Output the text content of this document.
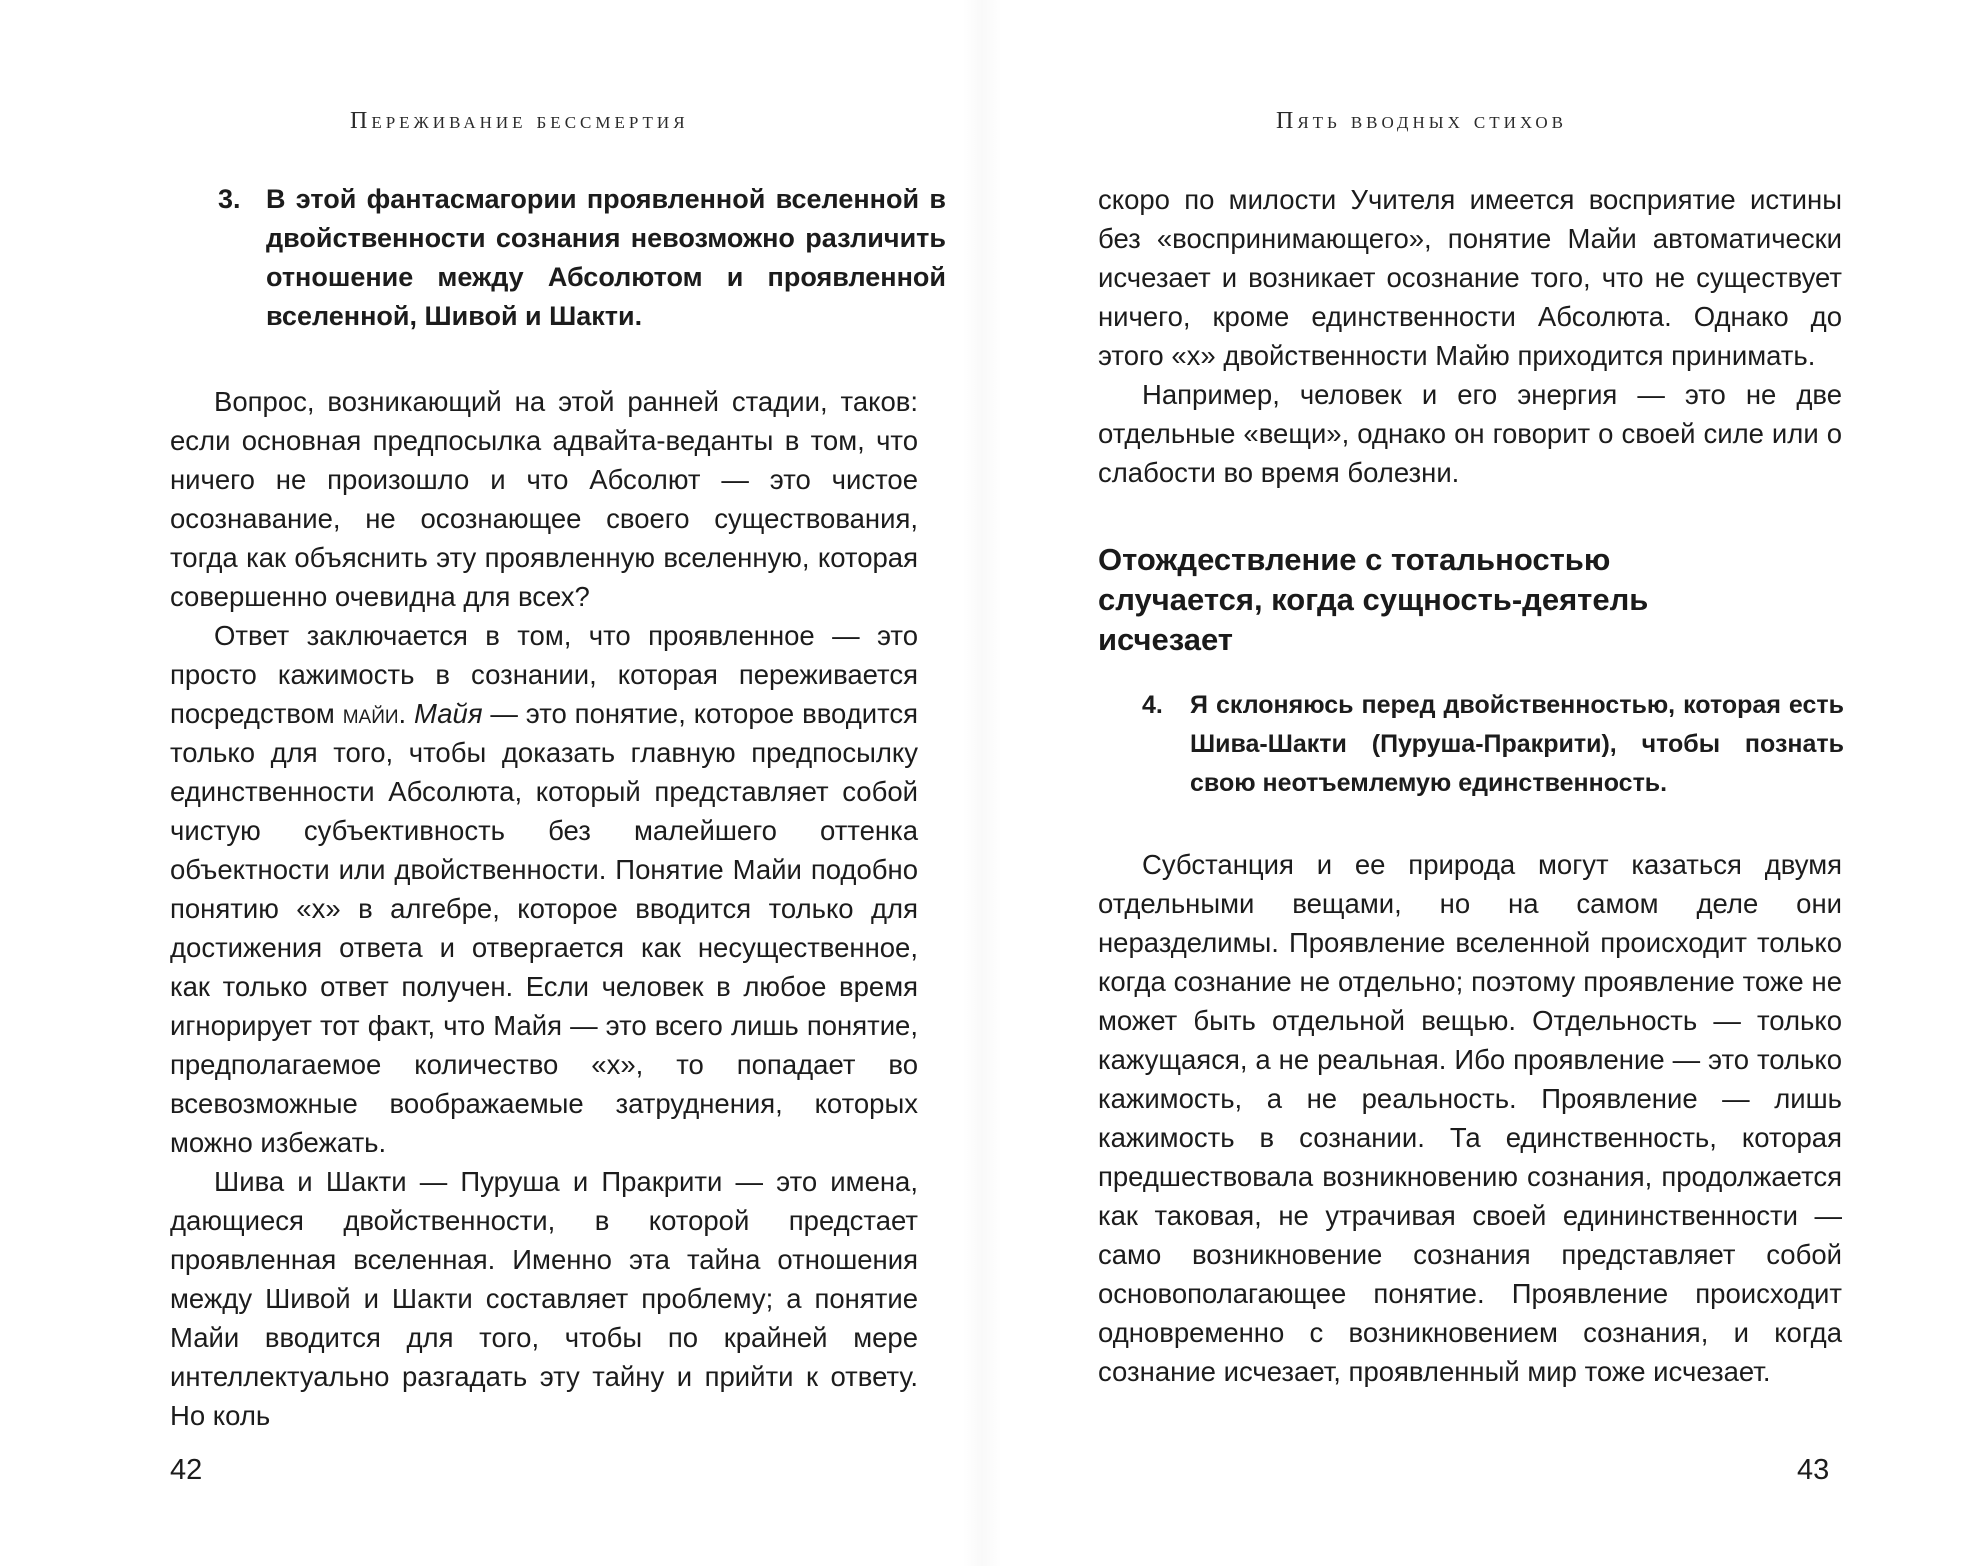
Переживание бессмертия
3. В этой фантасмагории проявленной вселенной в двойственности сознания невозможно различить отношение между Абсолютом и проявленной вселенной, Шивой и Шакти.

Вопрос, возникающий на этой ранней стадии, таков: если основная предпосылка адвайта-веданты в том, что ничего не произошло и что Абсолют — это чистое осознавание, не осознающее своего существования, тогда как объяснить эту проявленную вселенную, которая совершенно очевидна для всех?

Ответ заключается в том, что проявленное — это просто кажимость в сознании, которая переживается посредством майи. Майя — это понятие, которое вводится только для того, чтобы доказать главную предпосылку единственности Абсолюта, который представляет собой чистую субъективность без малейшего оттенка объектности или двойственности. Понятие Майи подобно понятию «х» в алгебре, которое вводится только для достижения ответа и отвергается как несущественное, как только ответ получен. Если человек в любое время игнорирует тот факт, что Майя — это всего лишь понятие, предполагаемое количество «х», то попадает во всевозможные воображаемые затруднения, которых можно избежать.

Шива и Шакти — Пуруша и Пракрити — это имена, дающиеся двойственности, в которой предстает проявленная вселенная. Именно эта тайна отношения между Шивой и Шакти составляет проблему; а понятие Майи вводится для того, чтобы по крайней мере интеллектуально разгадать эту тайну и прийти к ответу. Но коль

42
Пять вводных стихов

скоро по милости Учителя имеется восприятие истины без «воспринимающего», понятие Майи автоматически исчезает и возникает осознание того, что не существует ничего, кроме единственности Абсолюта. Однако до этого «х» двойственности Майю приходится принимать.

Например, человек и его энергия — это не две отдельные «вещи», однако он говорит о своей силе или о слабости во время болезни.

Отождествление с тотальностью случается, когда сущность-деятель исчезает
4. Я склоняюсь перед двойственностью, которая есть Шива-Шакти (Пуруша-Пракрити), чтобы познать свою неотъемлемую единственность.

Субстанция и ее природа могут казаться двумя отдельными вещами, но на самом деле они неразделимы. Проявление вселенной происходит только когда сознание не отдельно; поэтому проявление тоже не может быть отдельной вещью. Отдельность — только кажущаяся, а не реальная. Ибо проявление — это только кажимость, а не реальность. Проявление — лишь кажимость в сознании. Та единственность, которая предшествовала возникновению сознания, продолжается как таковая, не утрачивая своей едининственности — само возникновение сознания представляет собой основополагающее понятие. Проявление происходит одновременно с возникновением сознания, и когда сознание исчезает, проявленный мир тоже исчезает.

43
